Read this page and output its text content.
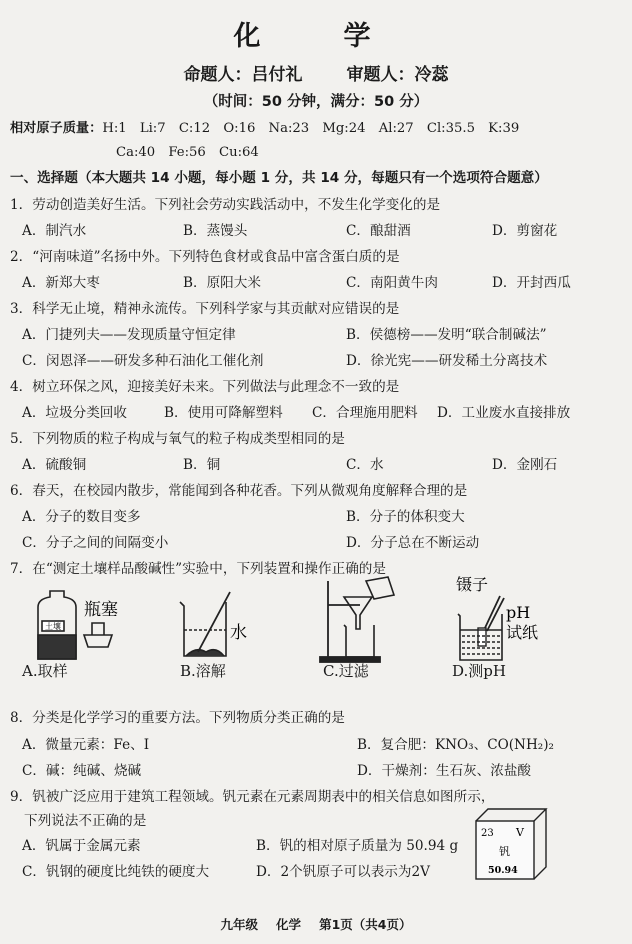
化　学
命题人：吕付礼	审题人：冷蕊
（时间：50 分钟，满分：50 分）
相对原子质量：H:1　Li:7　C:12　O:16　Na:23　Mg:24　Al:27　Cl:35.5　K:39
Ca:40　Fe:56　Cu:64
一、选择题（本大题共 14 小题，每小题 1 分，共 14 分，每题只有一个选项符合题意）
1．劳动创造美好生活。下列社会劳动实践活动中，不发生化学变化的是
A．制汽水	B．蒸馒头	C．酿甜酒	D．剪窗花
2．“河南味道”名扬中外。下列特色食材或食品中富含蛋白质的是
A．新郑大枣	B．原阳大米	C．南阳黄牛肉	D．开封西瓜
3．科学无止境，精神永流传。下列科学家与其贡献对应错误的是
A．门捷列夫——发现质量守恒定律	B．侯德榜——发明“联合制碱法”
C．闵恩泽——研发多种石油化工催化剂	D．徐光宪——研发稀土分离技术
4．树立环保之风，迎接美好未来。下列做法与此理念不一致的是
A．垃圾分类回收	B．使用可降解塑料 C．合理施用肥料 D．工业废水直接排放
5．下列物质的粒子构成与氧气的粒子构成类型相同的是
A．硫酸铜	B．铜	C．水	D．金刚石
6．春天，在校园内散步，常能闻到各种花香。下列从微观角度解释合理的是
A．分子的数目变多	B．分子的体积变大
C．分子之间的间隔变小	D．分子总在不断运动
7．在“测定土壤样品酸碱性”实验中，下列装置和操作正确的是
土壤
瓶塞
A.取样
水
B.溶解	C.过滤
镊子
pH
试纸
D.测pH
8．分类是化学学习的重要方法。下列物质分类正确的是
A．微量元素：Fe、I	B．复合肥：KNO₃、CO(NH₂)₂
C．碱：纯碱、烧碱	D．干燥剂：生石灰、浓盐酸
9．钒被广泛应用于建筑工程领域。钒元素在元素周期表中的相关信息如图所示，
下列说法不正确的是
A．钒属于金属元素	B．钒的相对原子质量为 50.94 g
C．钒钢的硬度比纯铁的硬度大	D．2个钒原子可以表示为2V
23 V
钒
50.94
九年级 化学 第1页（共4页）
